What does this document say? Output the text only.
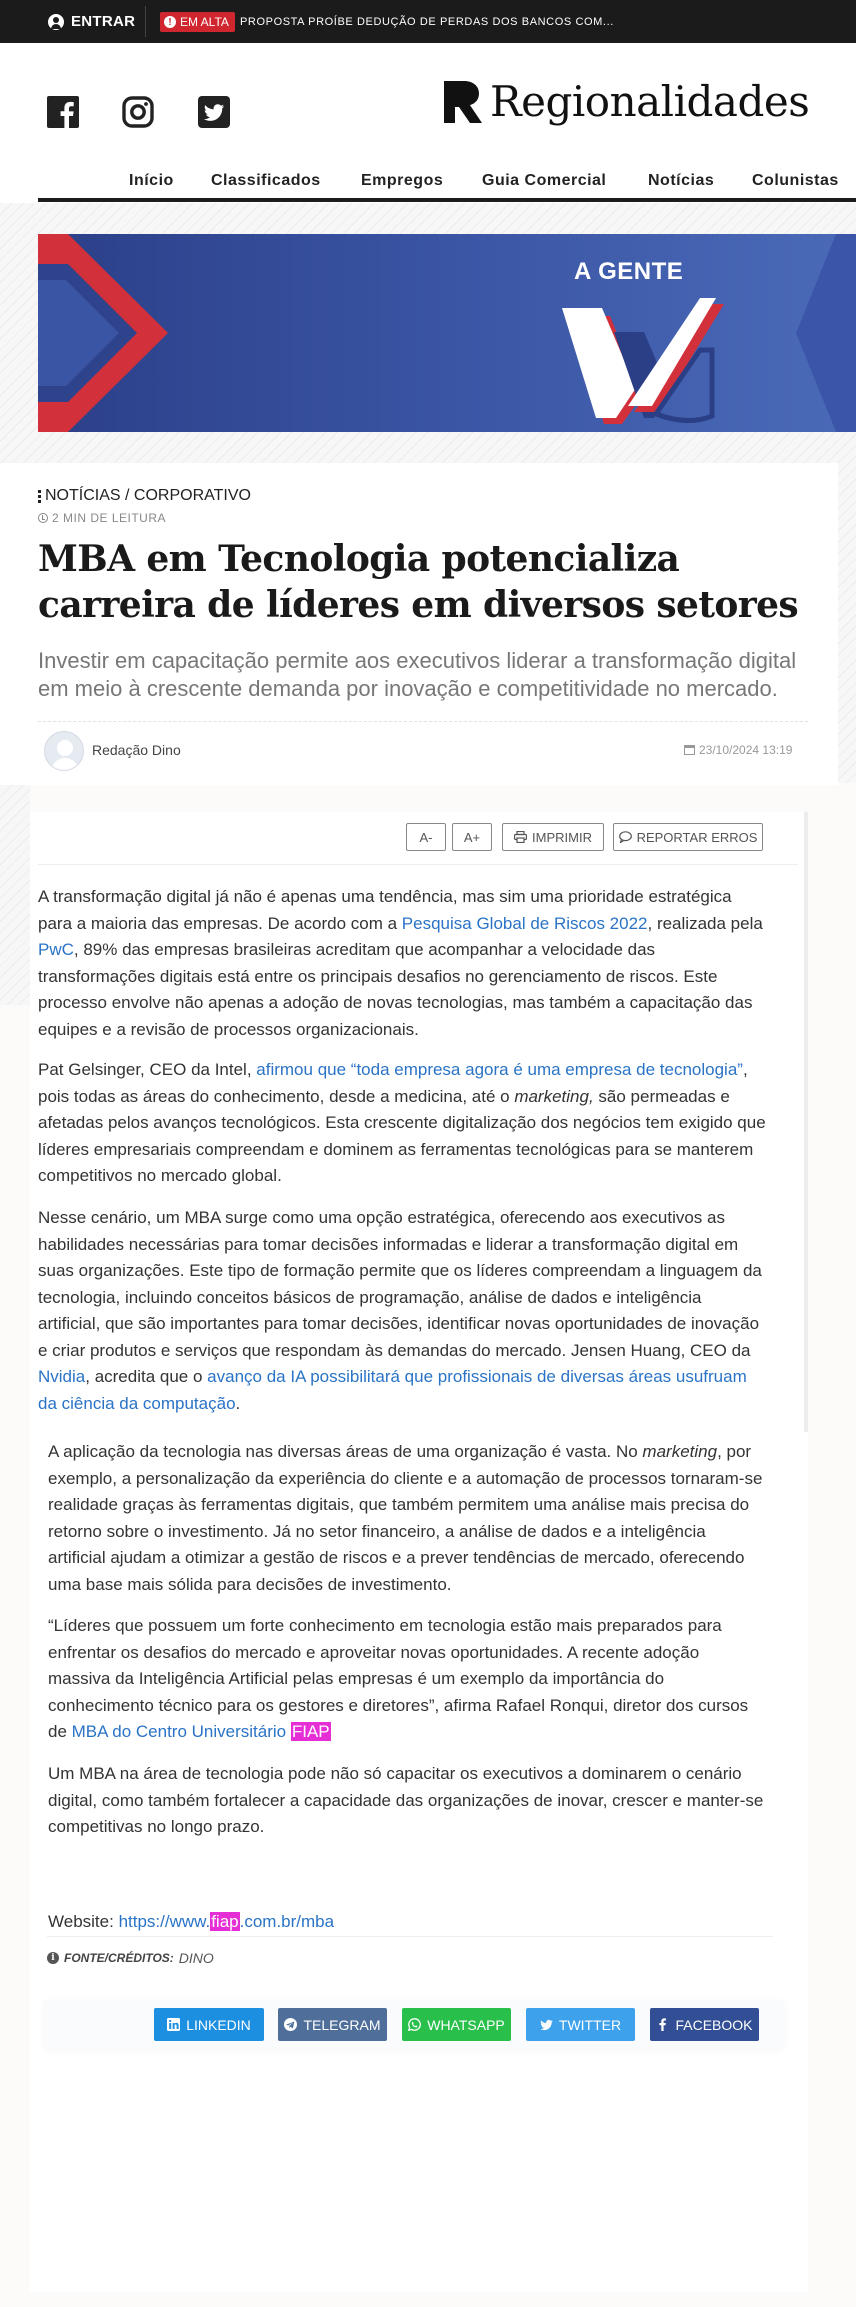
ENTRAR	! EM ALTA PROPOSTA PROÍBE DEDUÇÃO DE PERDAS DOS BANCOS COM...
Regionalidades
Início Classificados	Empregos Guia Comercial	Notícias Colunistas
A GENTE
NOTÍCIAS / CORPORATIVO
2 MIN DE LEITURA
MBA em Tecnologia potencializa carreira de líderes em diversos setores

Investir em capacitação permite aos executivos liderar a transformação digital em meio à crescente demanda por inovação e competitividade no mercado.

Redação Dino	23/10/2024 13:19
A-	A+	IMPRIMIR	REPORTAR ERROS

A transformação digital já não é apenas uma tendência, mas sim uma prioridade estratégica para a maioria das empresas. De acordo com a Pesquisa Global de Riscos 2022, realizada pela PwC, 89% das empresas brasileiras acreditam que acompanhar a velocidade das transformações digitais está entre os principais desafios no gerenciamento de riscos. Este processo envolve não apenas a adoção de novas tecnologias, mas também a capacitação das equipes e a revisão de processos organizacionais.

Pat Gelsinger, CEO da Intel, afirmou que “toda empresa agora é uma empresa de tecnologia”, pois todas as áreas do conhecimento, desde a medicina, até o marketing, são permeadas e afetadas pelos avanços tecnológicos. Esta crescente digitalização dos negócios tem exigido que líderes empresariais compreendam e dominem as ferramentas tecnológicas para se manterem competitivos no mercado global.

Nesse cenário, um MBA surge como uma opção estratégica, oferecendo aos executivos as habilidades necessárias para tomar decisões informadas e liderar a transformação digital em suas organizações. Este tipo de formação permite que os líderes compreendam a linguagem da tecnologia, incluindo conceitos básicos de programação, análise de dados e inteligência artificial, que são importantes para tomar decisões, identificar novas oportunidades de inovação e criar produtos e serviços que respondam às demandas do mercado. Jensen Huang, CEO da Nvidia, acredita que o avanço da IA possibilitará que profissionais de diversas áreas usufruam da ciência da computação.

A aplicação da tecnologia nas diversas áreas de uma organização é vasta. No marketing, por exemplo, a personalização da experiência do cliente e a automação de processos tornaram-se realidade graças às ferramentas digitais, que também permitem uma análise mais precisa do retorno sobre o investimento. Já no setor financeiro, a análise de dados e a inteligência artificial ajudam a otimizar a gestão de riscos e a prever tendências de mercado, oferecendo uma base mais sólida para decisões de investimento.

“Líderes que possuem um forte conhecimento em tecnologia estão mais preparados para enfrentar os desafios do mercado e aproveitar novas oportunidades. A recente adoção massiva da Inteligência Artificial pelas empresas é um exemplo da importância do conhecimento técnico para os gestores e diretores”, afirma Rafael Ronqui, diretor dos cursos de MBA do Centro Universitário FIAP

Um MBA na área de tecnologia pode não só capacitar os executivos a dominarem o cenário digital, como também fortalecer a capacidade das organizações de inovar, crescer e manter-se competitivas no longo prazo.

Website: https://www.fiap.com.br/mba

i FONTE/CRÉDITOS: DINO
LINKEDIN	TELEGRAM	WHATSAPP	TWITTER	FACEBOOK
